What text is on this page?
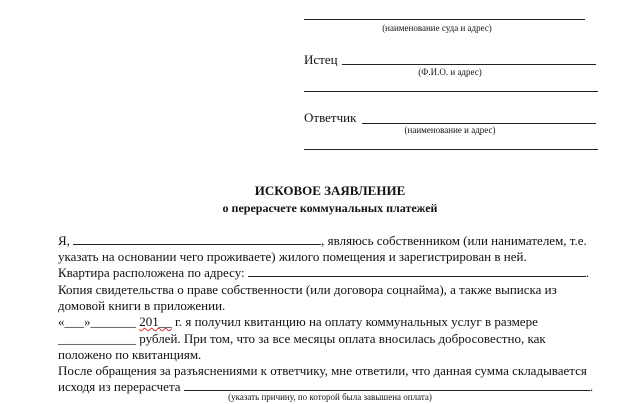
(наименование суда и адрес)
Истец
(Ф.И.О. и адрес)
Ответчик
(наименование и адрес)
ИСКОВОЕ ЗАЯВЛЕНИЕ
о перерасчете коммунальных платежей
Я,	, являюсь собственником (или нанимателем, т.е.
указать на основании чего проживаете) жилого помещения и зарегистрирован в ней.
Квартира расположена по адресу:	.
Копия свидетельства о праве собственности (или договора соцнайма), а также выписка из
домовой книги в приложении.
«___»_______ 201__ г. я получил квитанцию на оплату коммунальных услуг в размере
____________ рублей. При том, что за все месяцы оплата вносилась добросовестно, как
положено по квитанциям.
После обращения за разъяснениями к ответчику, мне ответили, что данная сумма складывается
исходя из перерасчета	.
(указать причину, по которой была завышена оплата)
